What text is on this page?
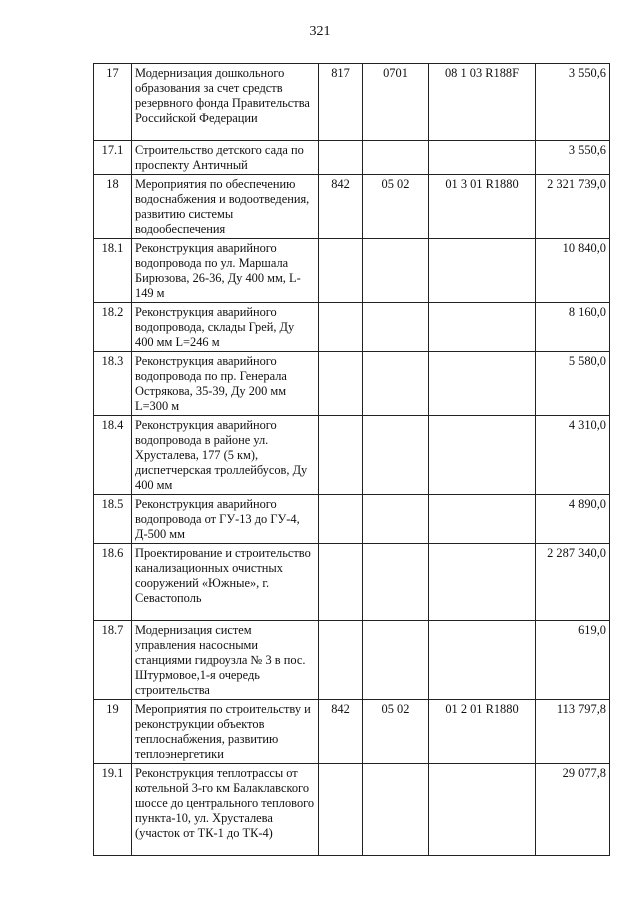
321
17	Модернизация дошкольного образования за счет средств резервного фонда Правительства Российской Федерации	817	0701	08 1 03 R188F	3 550,6
17.1	Строительство детского сада по проспекту Античный				3 550,6
18	Мероприятия по обеспечению водоснабжения и водоотведения, развитию системы водообеспечения	842	05 02	01 3 01 R1880	2 321 739,0
18.1	Реконструкция аварийного водопровода по ул. Маршала Бирюзова, 26-36, Ду 400 мм, L-149 м				10 840,0
18.2	Реконструкция аварийного водопровода, склады Грей, Ду 400 мм L=246 м				8 160,0
18.3	Реконструкция аварийного водопровода по пр. Генерала Острякова, 35-39, Ду 200 мм L=300 м				5 580,0
18.4	Реконструкция аварийного водопровода в районе ул. Хрусталева, 177 (5 км), диспетчерская троллейбусов, Ду 400 мм				4 310,0
18.5	Реконструкция аварийного водопровода от ГУ-13 до ГУ-4, Д-500 мм				4 890,0
18.6	Проектирование и строительство канализационных очистных сооружений «Южные», г. Севастополь				2 287 340,0
18.7	Модернизация систем управления насосными станциями гидроузла № 3 в пос. Штурмовое,1-я очередь строительства				619,0
19	Мероприятия по строительству и реконструкции объектов теплоснабжения, развитию теплоэнергетики	842	05 02	01 2 01 R1880	113 797,8
19.1	Реконструкция теплотрассы от котельной 3-го км Балаклавского шоссе до центрального теплового пункта-10, ул. Хрусталева (участок от ТК-1 до ТК-4)				29 077,8
